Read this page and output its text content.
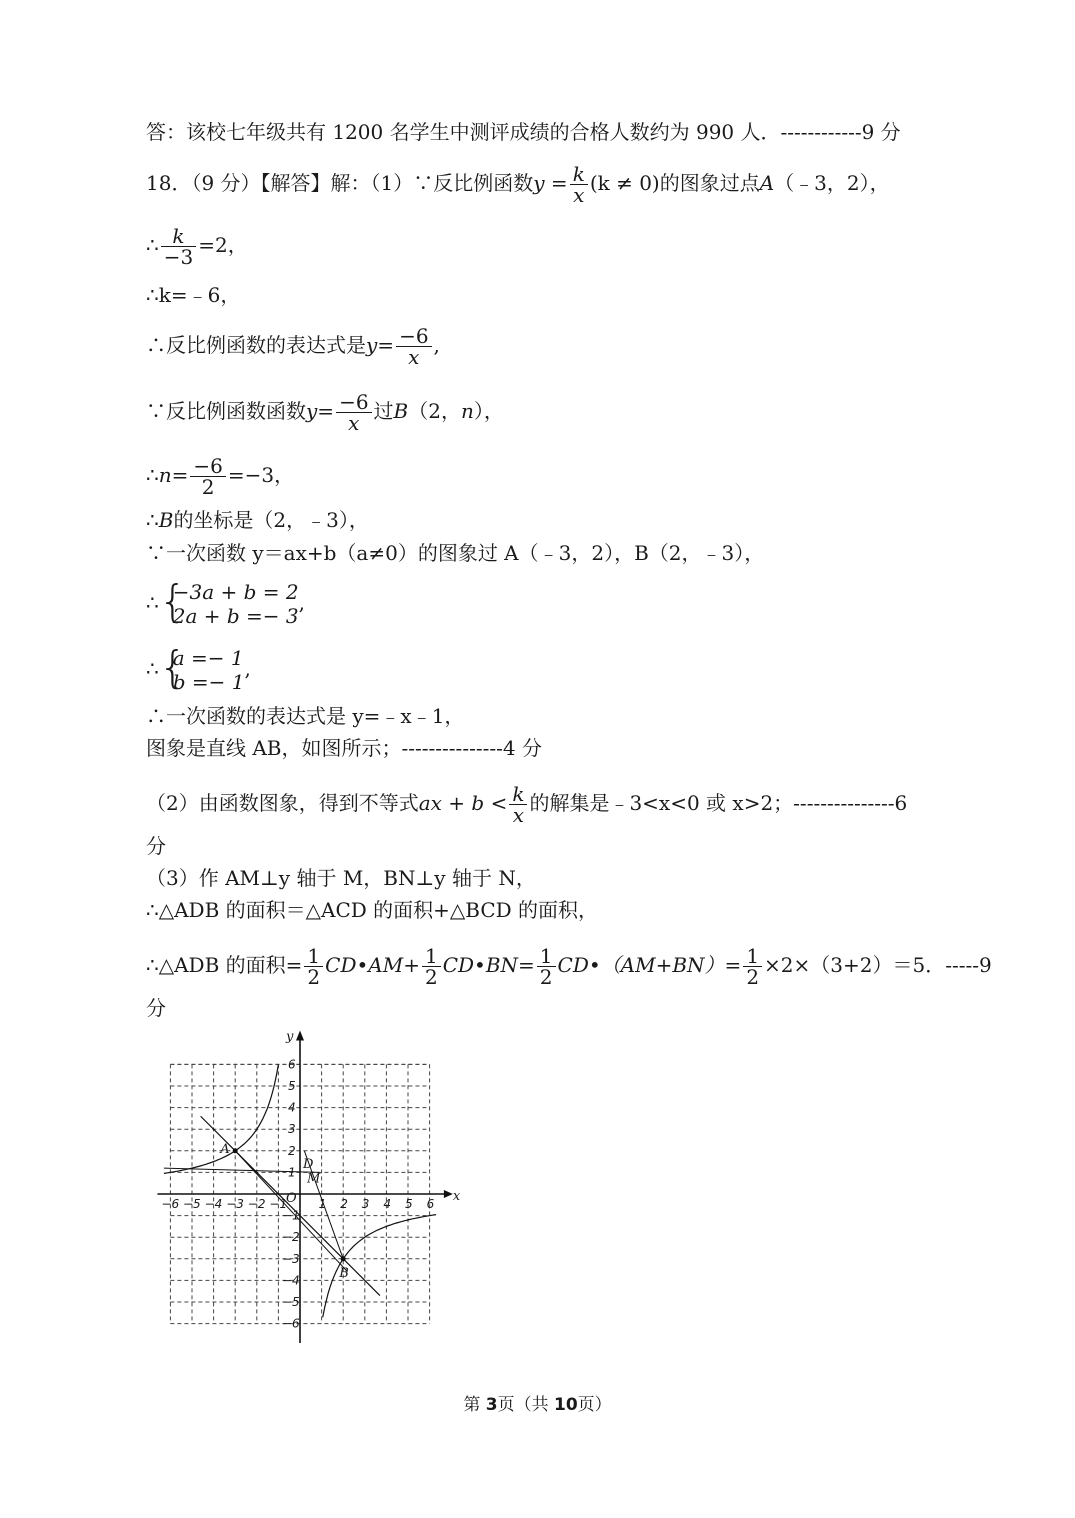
答：该校七年级共有 1200 名学生中测评成绩的合格人数约为 990 人．------------9 分
18．（9 分）【解答】解：（1）∵反比例函数$y = \frac{k}{x} (k \ne 0)$的图象过点A（﹣3，2），
∴ $\frac{k}{-3} =2$，
∴k=﹣6，
∴反比例函数的表达式是$y= \frac{-6}{x}$ ,
∵反比例函数函数$y= \frac{-6}{x}$ 过B（2，n），
∴n= $\frac{-6}{2} =-3$，
∴B的坐标是（2，﹣3），
∵一次函数 y＝ax+b（a≠0）的图象过 A（﹣3，2），B（2，﹣3），
∴ {
−3a + b = 2
2a + b =− 3
,
∴ {
a =− 1
b =− 1
,
∴一次函数的表达式是 y=﹣x﹣1，
图象是直线 AB，如图所示；---------------4 分
（2）由函数图象，得到不等式ax + $b < \frac{k}{x}$ 的解集是﹣3<x<0 或 x>2；---------------6
分
（3）作 AM⊥y 轴于 M，BN⊥y 轴于 N，
∴△ADB 的面积＝△ACD 的面积+△BCD 的面积，
∴△ADB 的面积= $\frac{1}{2}$ CD•AM+ $\frac{1}{2}$ CD•BN= $\frac{1}{2}$ CD•（AM+BN）= $\frac{1}{2} \times 2\times(3+2)=5$．-----9
分
−6 −5 −4 −3 −2 −1	1 2 3 4 5 6
6
5
4
3
2
1
−1
−2
−3
−4
−5
−6
x
y
O
A
B
D
M
第 3页（共 10页）
